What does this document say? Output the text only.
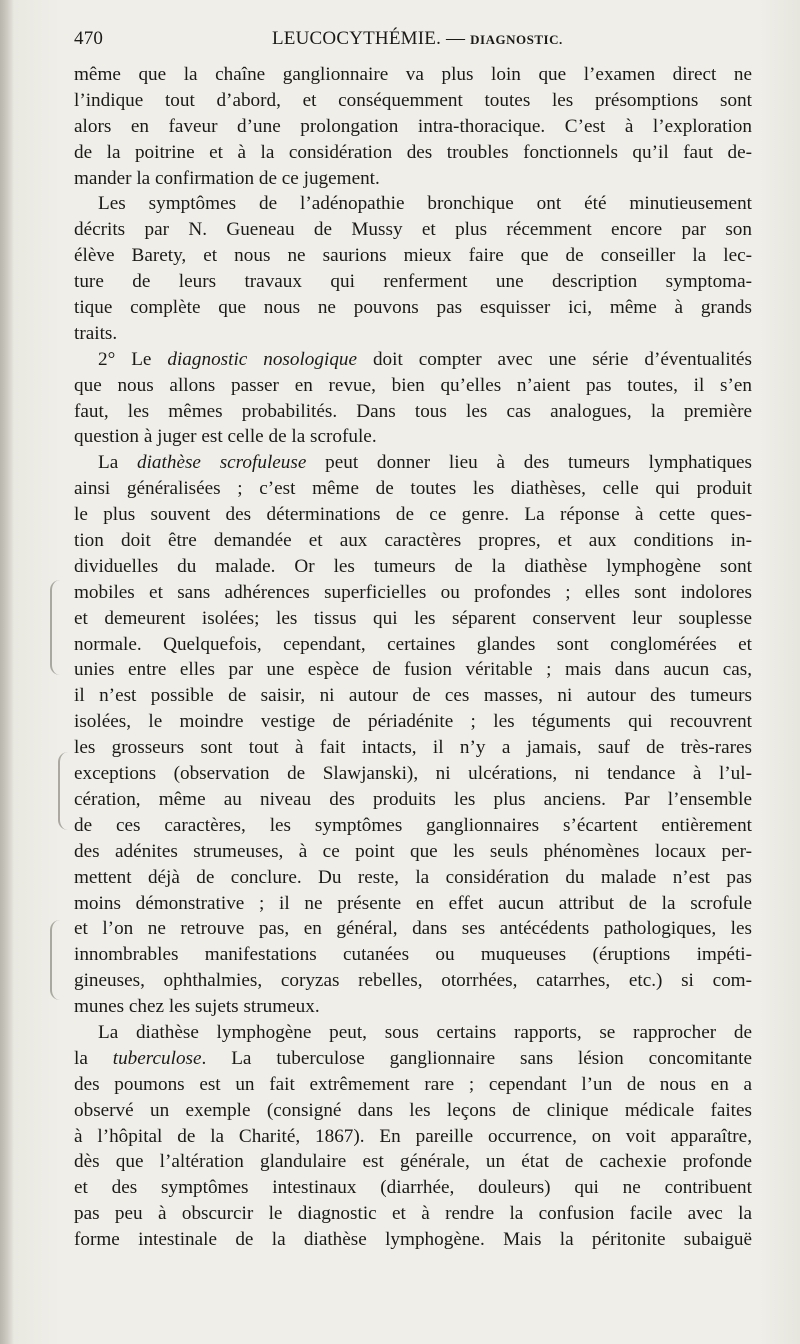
470	LEUCOCYTHÉMIE. — DIAGNOSTIC.
même que la chaîne ganglionnaire va plus loin que l’examen direct ne
l’indique tout d’abord, et conséquemment toutes les présomptions sont
alors en faveur d’une prolongation intra-thoracique. C’est à l’exploration
de la poitrine et à la considération des troubles fonctionnels qu’il faut de-
mander la confirmation de ce jugement.
Les symptômes de l’adénopathie bronchique ont été minutieusement
décrits par N. Gueneau de Mussy et plus récemment encore par son
élève Barety, et nous ne saurions mieux faire que de conseiller la lec-
ture de leurs travaux qui renferment une description symptoma-
tique complète que nous ne pouvons pas esquisser ici, même à grands
traits.
2° Le diagnostic nosologique doit compter avec une série d’éventualités
que nous allons passer en revue, bien qu’elles n’aient pas toutes, il s’en
faut, les mêmes probabilités. Dans tous les cas analogues, la première
question à juger est celle de la scrofule.
La diathèse scrofuleuse peut donner lieu à des tumeurs lymphatiques
ainsi généralisées ; c’est même de toutes les diathèses, celle qui produit
le plus souvent des déterminations de ce genre. La réponse à cette ques-
tion doit être demandée et aux caractères propres, et aux conditions in-
dividuelles du malade. Or les tumeurs de la diathèse lymphogène sont
mobiles et sans adhérences superficielles ou profondes ; elles sont indolores
et demeurent isolées; les tissus qui les séparent conservent leur souplesse
normale. Quelquefois, cependant, certaines glandes sont conglomérées et
unies entre elles par une espèce de fusion véritable ; mais dans aucun cas,
il n’est possible de saisir, ni autour de ces masses, ni autour des tumeurs
isolées, le moindre vestige de périadénite ; les téguments qui recouvrent
les grosseurs sont tout à fait intacts, il n’y a jamais, sauf de très-rares
exceptions (observation de Slawjanski), ni ulcérations, ni tendance à l’ul-
cération, même au niveau des produits les plus anciens. Par l’ensemble
de ces caractères, les symptômes ganglionnaires s’écartent entièrement
des adénites strumeuses, à ce point que les seuls phénomènes locaux per-
mettent déjà de conclure. Du reste, la considération du malade n’est pas
moins démonstrative ; il ne présente en effet aucun attribut de la scrofule
et l’on ne retrouve pas, en général, dans ses antécédents pathologiques, les
innombrables manifestations cutanées ou muqueuses (éruptions impéti-
gineuses, ophthalmies, coryzas rebelles, otorrhées, catarrhes, etc.) si com-
munes chez les sujets strumeux.
La diathèse lymphogène peut, sous certains rapports, se rapprocher de
la tuberculose. La tuberculose ganglionnaire sans lésion concomitante
des poumons est un fait extrêmement rare ; cependant l’un de nous en a
observé un exemple (consigné dans les leçons de clinique médicale faites
à l’hôpital de la Charité, 1867). En pareille occurrence, on voit apparaître,
dès que l’altération glandulaire est générale, un état de cachexie profonde
et des symptômes intestinaux (diarrhée, douleurs) qui ne contribuent
pas peu à obscurcir le diagnostic et à rendre la confusion facile avec la
forme intestinale de la diathèse lymphogène. Mais la péritonite subaiguë
